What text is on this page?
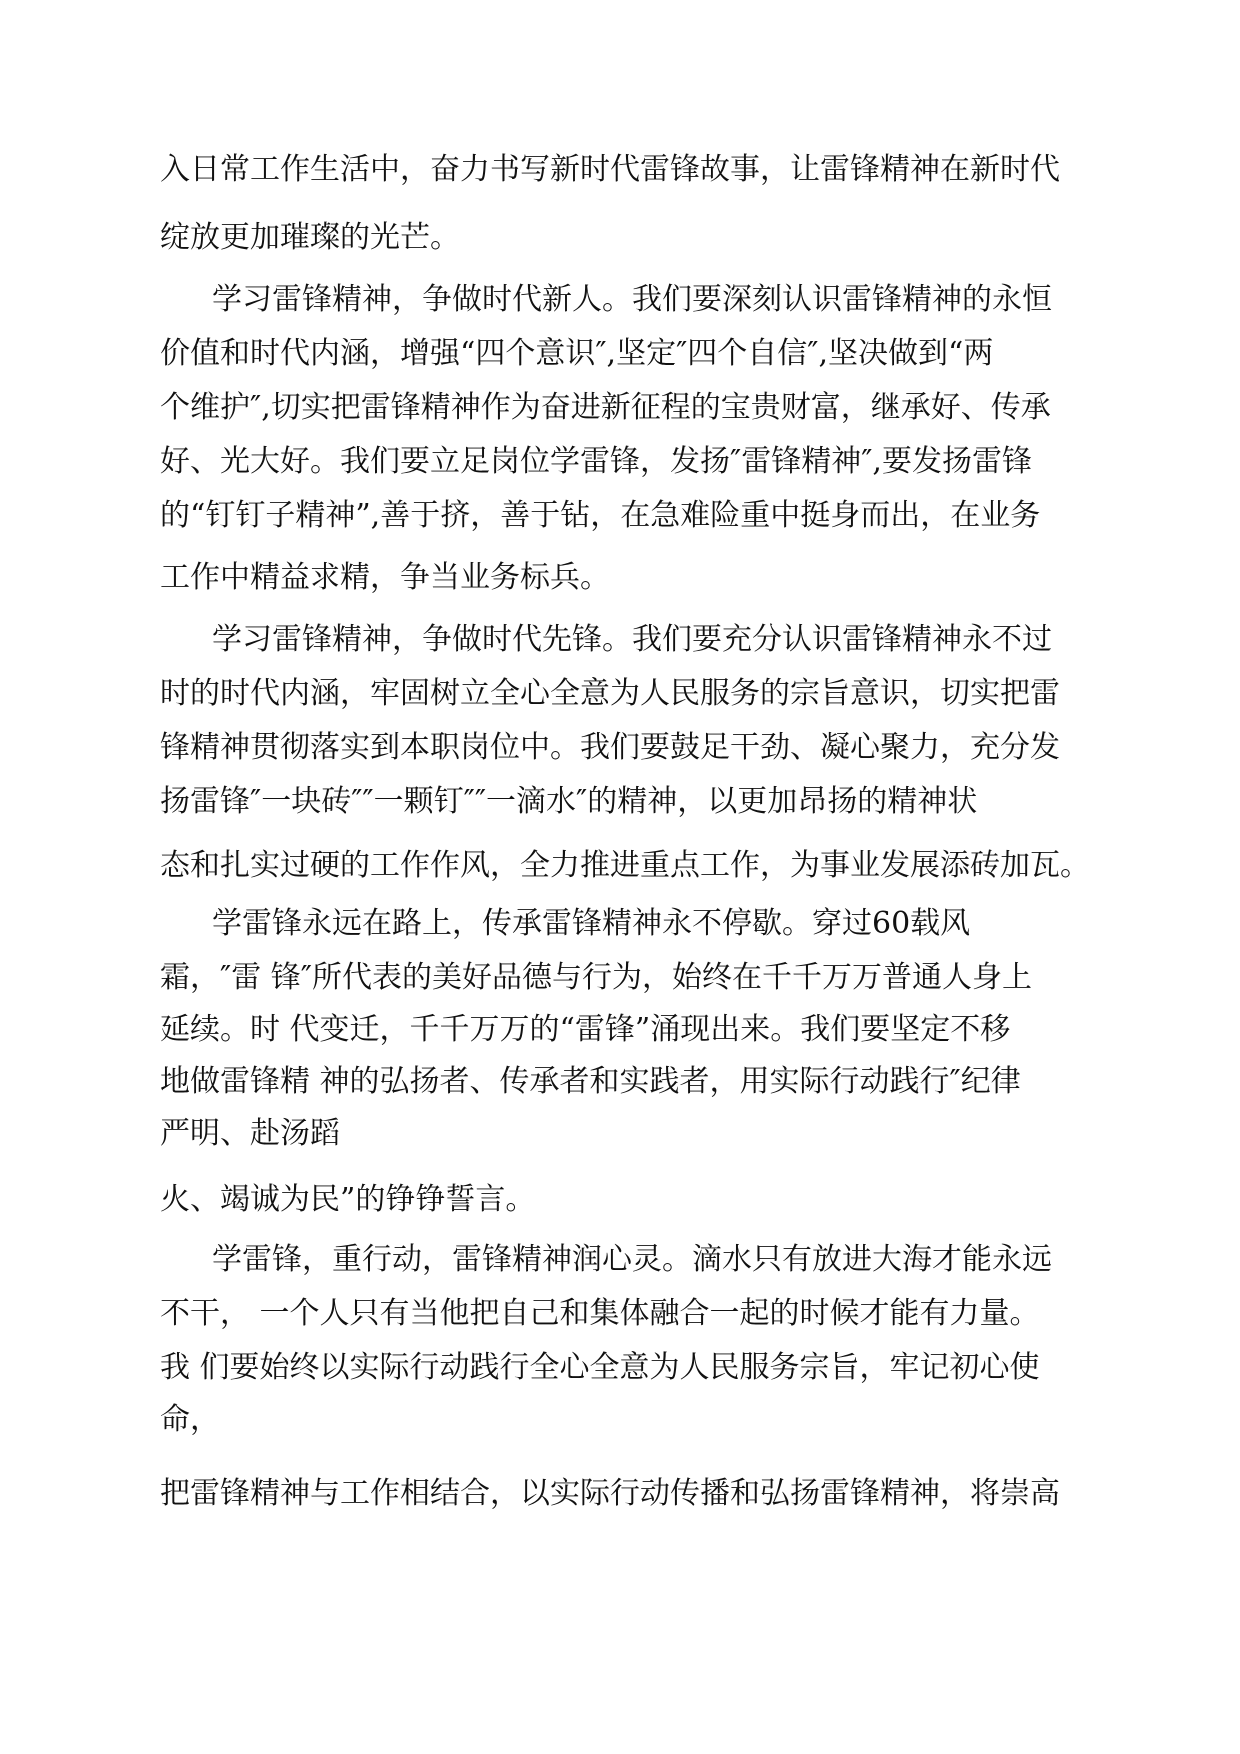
入日常工作生活中，奋力书写新时代雷锋故事，让雷锋精神在新时代
绽放更加璀璨的光芒。
学习雷锋精神，争做时代新人。我们要深刻认识雷锋精神的永恒
价值和时代内涵，增强“四个意识″,坚定″四个自信″,坚决做到“两
个维护″,切实把雷锋精神作为奋进新征程的宝贵财富，继承好、传承
好、光大好。我们要立足岗位学雷锋，发扬″雷锋精神″,要发扬雷锋
的“钉钉子精神”,善于挤，善于钻，在急难险重中挺身而出，在业务
工作中精益求精，争当业务标兵。
学习雷锋精神，争做时代先锋。我们要充分认识雷锋精神永不过
时的时代内涵，牢固树立全心全意为人民服务的宗旨意识，切实把雷
锋精神贯彻落实到本职岗位中。我们要鼓足干劲、凝心聚力，充分发
扬雷锋″一块砖″″一颗钉″″一滴水″的精神，以更加昂扬的精神状
态和扎实过硬的工作作风，全力推进重点工作，为事业发展添砖加瓦。
学雷锋永远在路上，传承雷锋精神永不停歇。穿过60载风
霜，″雷 锋″所代表的美好品德与行为，始终在千千万万普通人身上
延续。时 代变迁，千千万万的“雷锋”涌现出来。我们要坚定不移
地做雷锋精 神的弘扬者、传承者和实践者，用实际行动践行″纪律
严明、赴汤蹈
火、竭诚为民”的铮铮誓言。
学雷锋，重行动，雷锋精神润心灵。滴水只有放进大海才能永远
不干， 一个人只有当他把自己和集体融合一起的时候才能有力量。
我 们要始终以实际行动践行全心全意为人民服务宗旨，牢记初心使
命，
把雷锋精神与工作相结合，以实际行动传播和弘扬雷锋精神，将崇高
